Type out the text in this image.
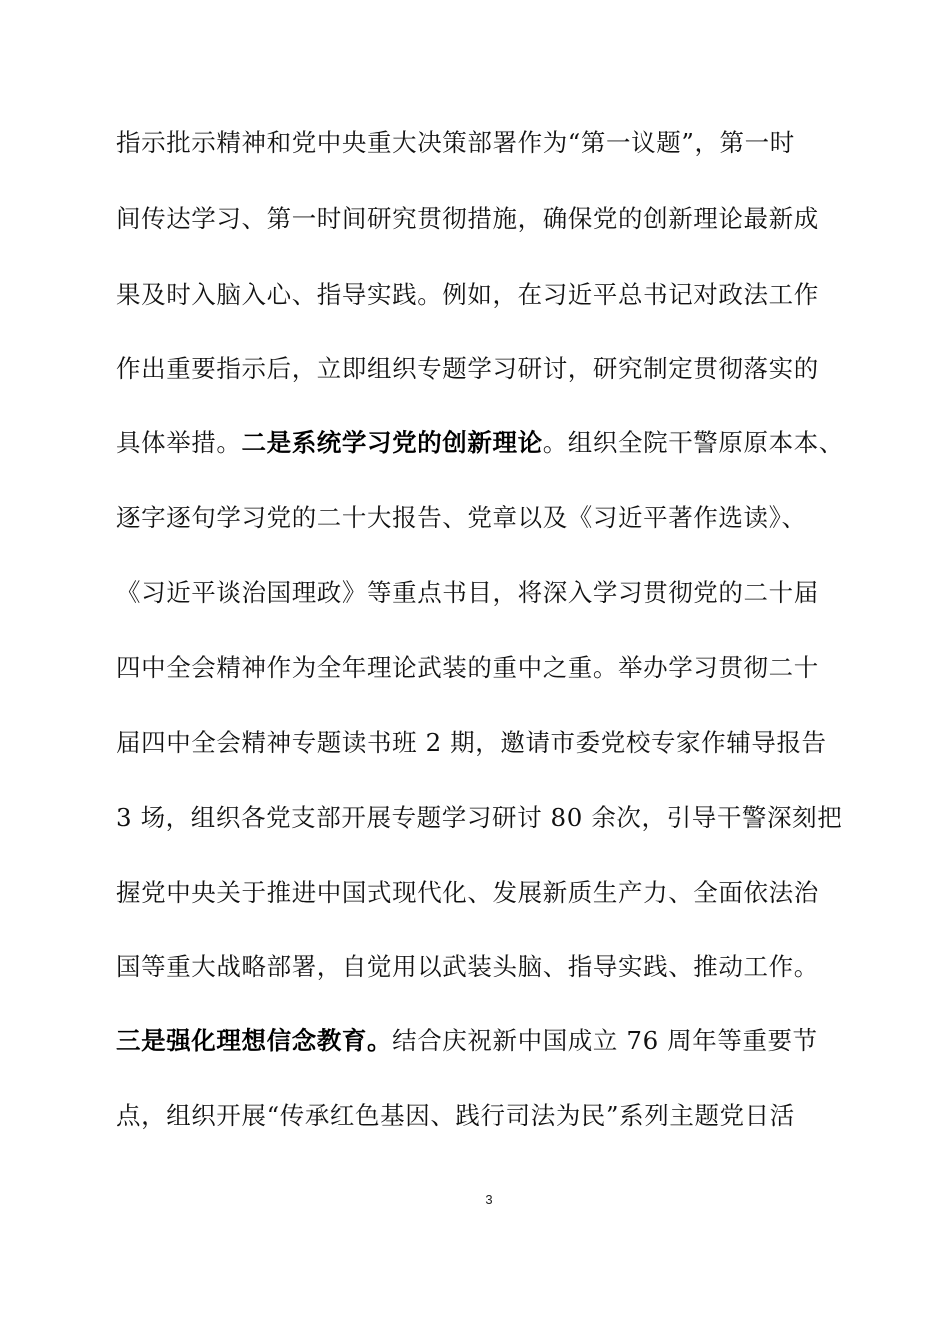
指示批示精神和党中央重大决策部署作为“第一议题”，第一时
间传达学习、第一时间研究贯彻措施，确保党的创新理论最新成
果及时入脑入心、指导实践。例如，在习近平总书记对政法工作
作出重要指示后，立即组织专题学习研讨，研究制定贯彻落实的
具体举措。二是系统学习党的创新理论。组织全院干警原原本本、
逐字逐句学习党的二十大报告、党章以及《习近平著作选读》、
《习近平谈治国理政》等重点书目，将深入学习贯彻党的二十届
四中全会精神作为全年理论武装的重中之重。举办学习贯彻二十
届四中全会精神专题读书班 2 期，邀请市委党校专家作辅导报告
3 场，组织各党支部开展专题学习研讨 80 余次，引导干警深刻把
握党中央关于推进中国式现代化、发展新质生产力、全面依法治
国等重大战略部署，自觉用以武装头脑、指导实践、推动工作。
三是强化理想信念教育。结合庆祝新中国成立 76 周年等重要节
点，组织开展“传承红色基因、践行司法为民”系列主题党日活
3
